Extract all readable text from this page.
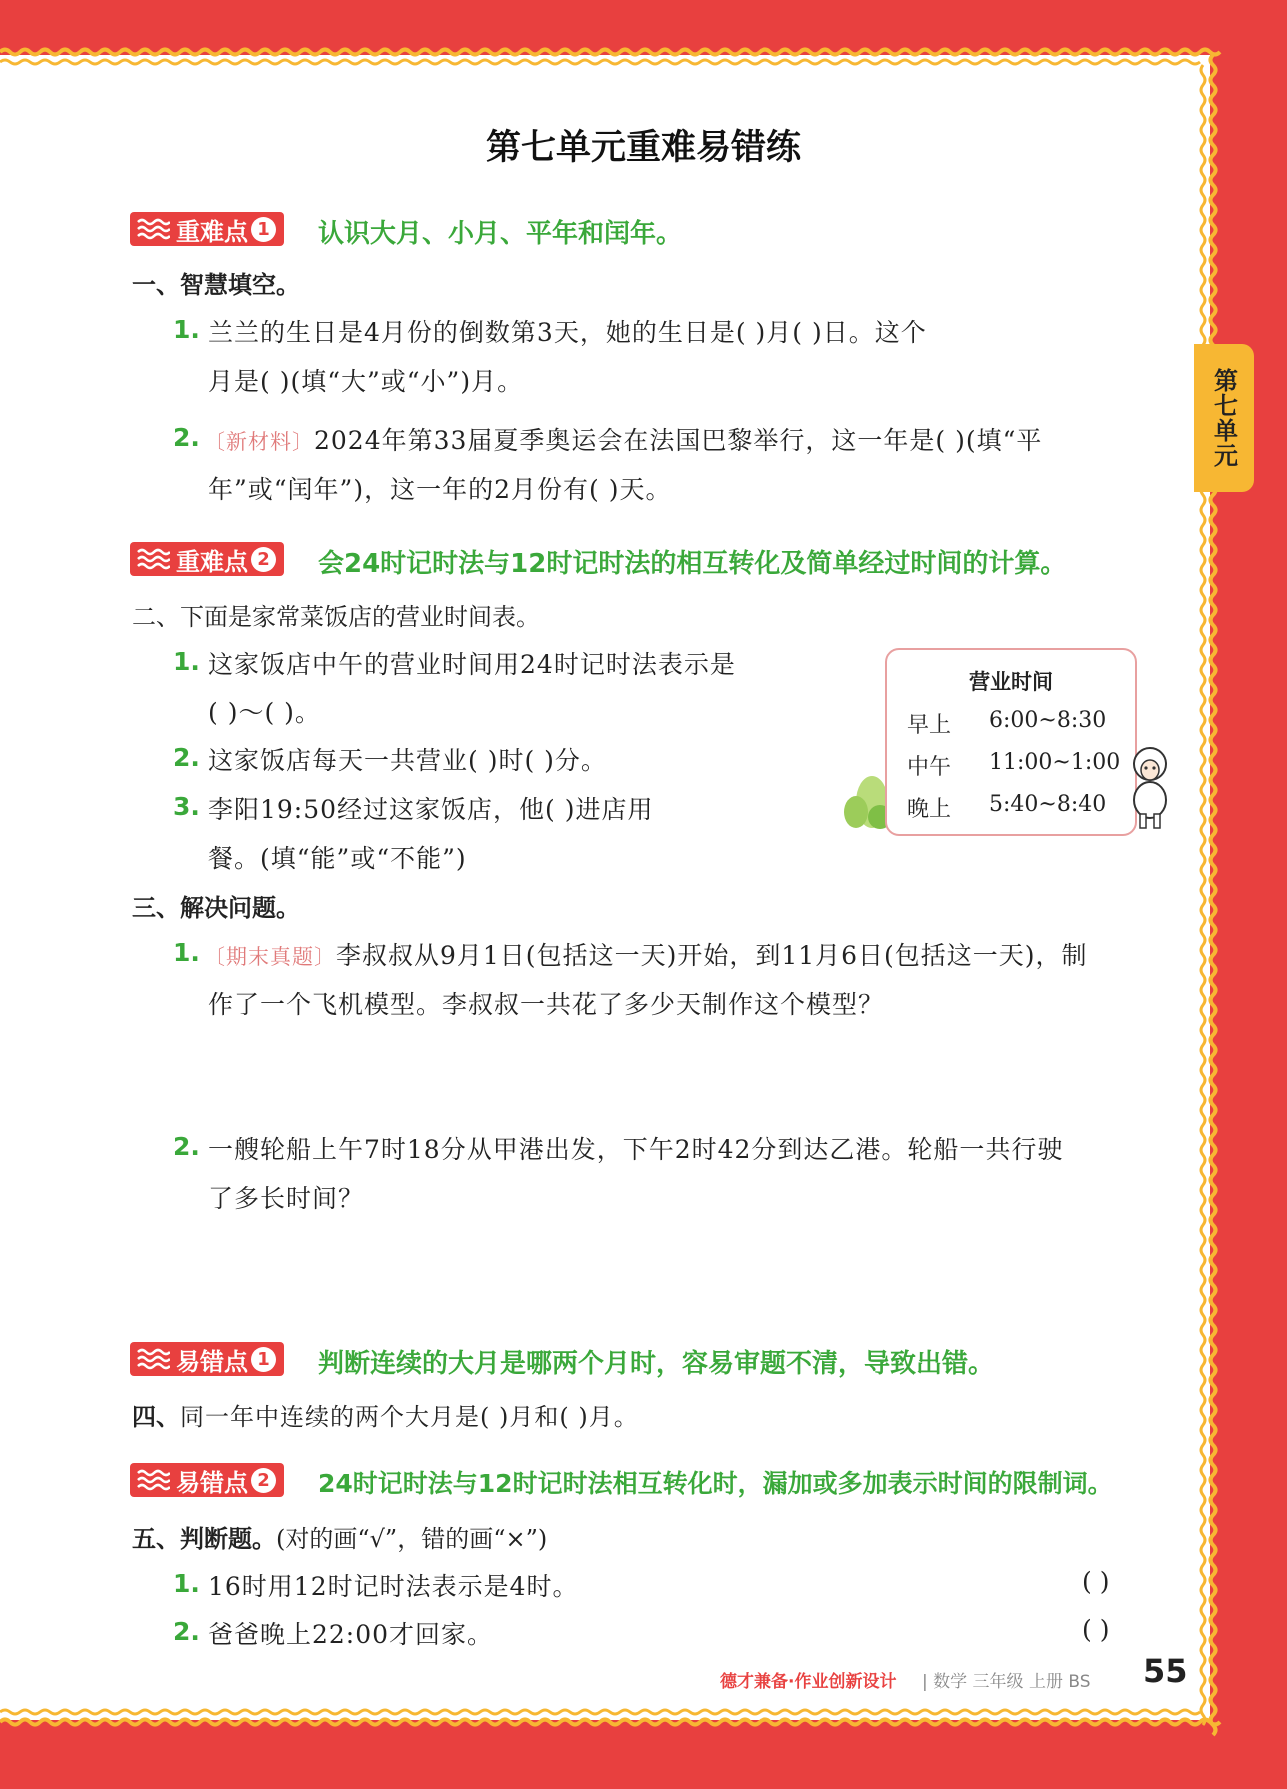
第七单元
第七单元重难易错练
重难点 1 认识大月、小月、平年和闰年。
一、智慧填空。
1. 兰兰的生日是4月份的倒数第3天，她的生日是( )月( )日。这个
月是( )(填“大”或“小”)月。
2. 〔新材料〕2024年第33届夏季奥运会在法国巴黎举行，这一年是( )(填“平
年”或“闰年”)，这一年的2月份有( )天。
重难点 2 会24时记时法与12时记时法的相互转化及简单经过时间的计算。
二、下面是家常菜饭店的营业时间表。
1. 这家饭店中午的营业时间用24时记时法表示是
( )～( )。
2. 这家饭店每天一共营业( )时( )分。
3. 李阳19:50经过这家饭店，他( )进店用
餐。(填“能”或“不能”)
营业时间
早上 6:00~8:30
中午 11:00~1:00
晚上 5:40~8:40
三、解决问题。
1. 〔期末真题〕李叔叔从9月1日(包括这一天)开始，到11月6日(包括这一天)，制
作了一个飞机模型。李叔叔一共花了多少天制作这个模型？
2. 一艘轮船上午7时18分从甲港出发，下午2时42分到达乙港。轮船一共行驶
了多长时间？
易错点 1 判断连续的大月是哪两个月时，容易审题不清，导致出错。
四、同一年中连续的两个大月是( )月和( )月。
易错点 2 24时记时法与12时记时法相互转化时，漏加或多加表示时间的限制词。
五、判断题。(对的画“√”，错的画“×”)
1. 16时用12时记时法表示是4时。	( )
2. 爸爸晚上22:00才回家。	( )
德才兼备·作业创新设计 | 数学 三年级 上册 BS 55
